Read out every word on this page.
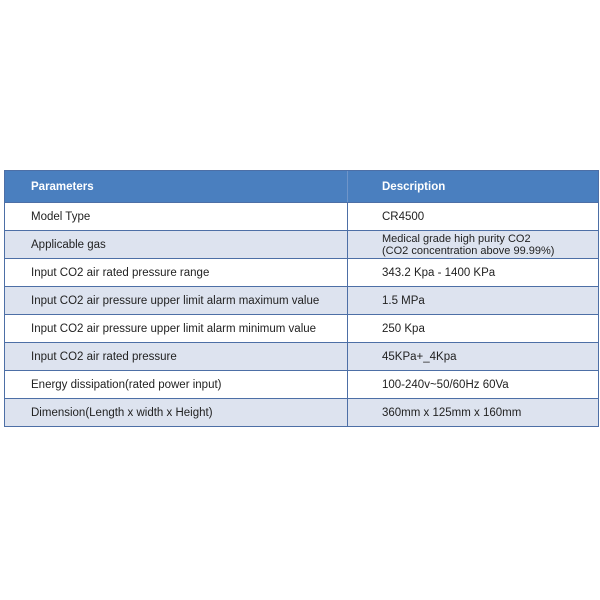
Parameters	Description
Model Type	CR4500
Applicable gas	Medical grade high purity CO2
(CO2 concentration above 99.99%)
Input CO2 air rated pressure range	343.2 Kpa - 1400 KPa
Input CO2 air pressure upper limit alarm maximum value	1.5 MPa
Input CO2 air pressure upper limit alarm minimum value	250 Kpa
Input CO2 air rated pressure	45KPa+_4Kpa
Energy dissipation(rated power input)	100-240v~50/60Hz 60Va
Dimension(Length x width x Height)	360mm x 125mm x 160mm
